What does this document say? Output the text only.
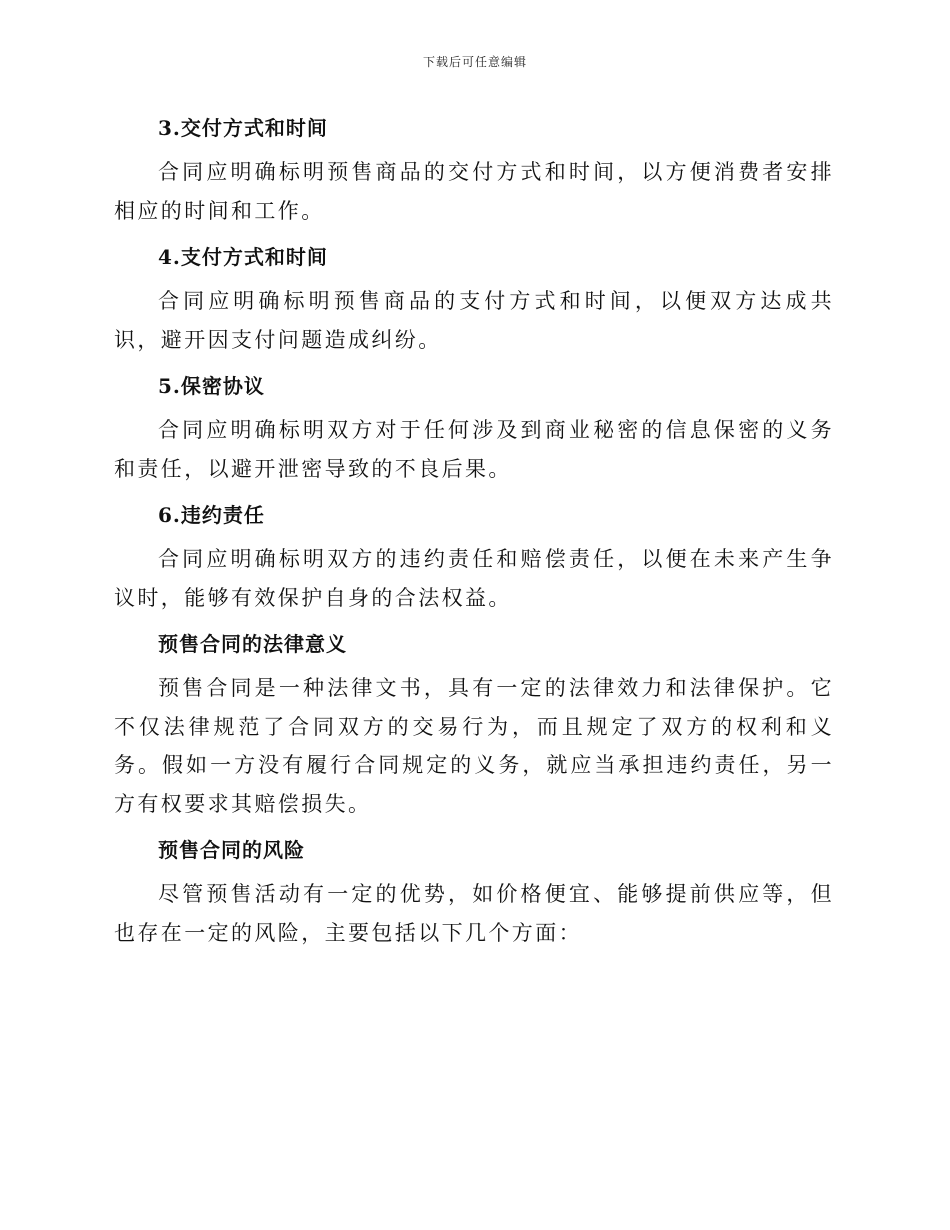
下载后可任意编辑
3.交付方式和时间

合同应明确标明预售商品的交付方式和时间，以方便消费者安排相应的时间和工作。

4.支付方式和时间

合同应明确标明预售商品的支付方式和时间，以便双方达成共识，避开因支付问题造成纠纷。

5.保密协议

合同应明确标明双方对于任何涉及到商业秘密的信息保密的义务和责任，以避开泄密导致的不良后果。

6.违约责任

合同应明确标明双方的违约责任和赔偿责任，以便在未来产生争议时，能够有效保护自身的合法权益。

预售合同的法律意义

预售合同是一种法律文书，具有一定的法律效力和法律保护。它不仅法律规范了合同双方的交易行为，而且规定了双方的权利和义务。假如一方没有履行合同规定的义务，就应当承担违约责任，另一方有权要求其赔偿损失。

预售合同的风险

尽管预售活动有一定的优势，如价格便宜、能够提前供应等，但也存在一定的风险，主要包括以下几个方面：
